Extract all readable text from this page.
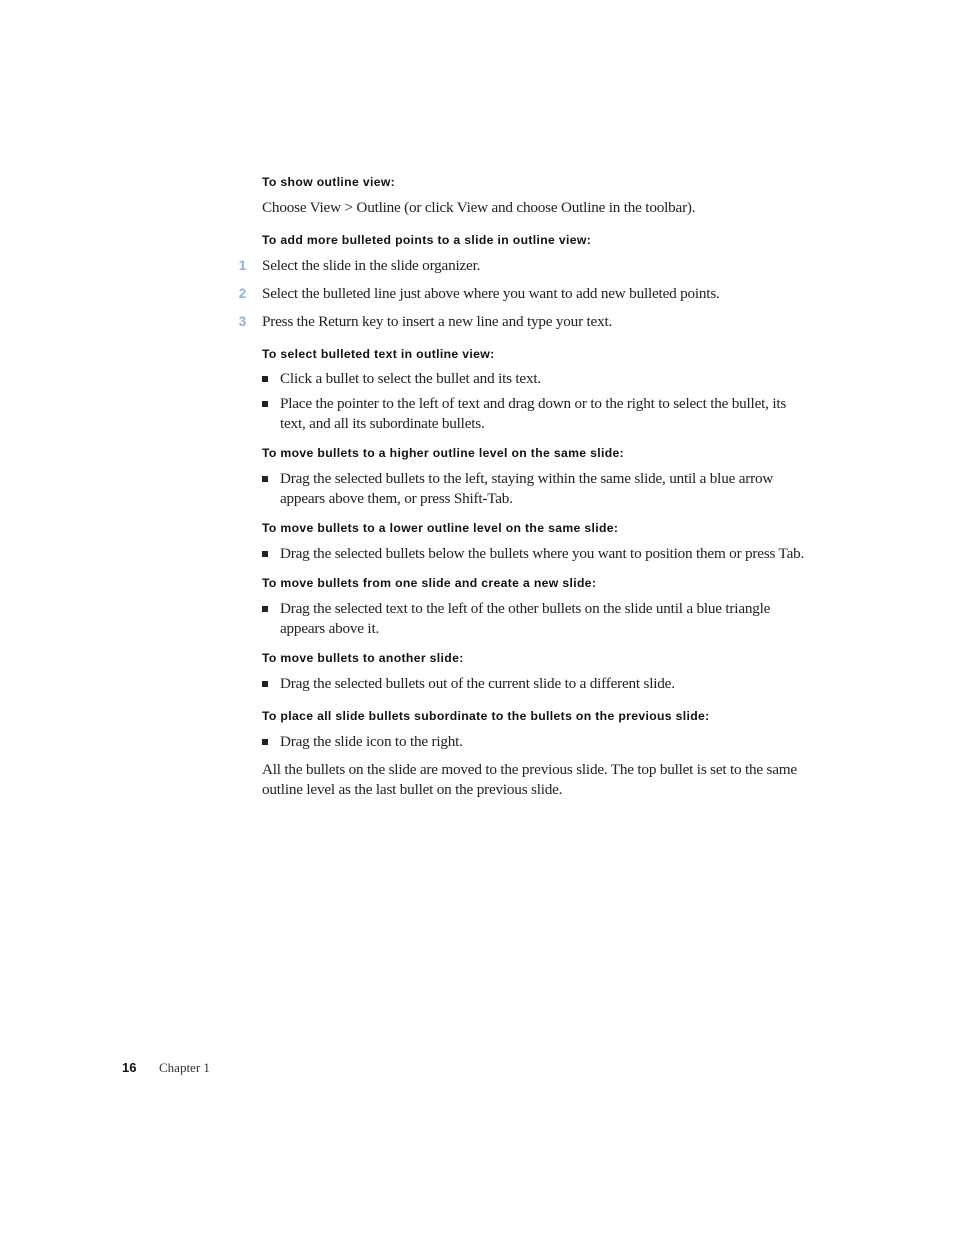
To show outline view:

Choose View > Outline (or click View and choose Outline in the toolbar).

To add more bulleted points to a slide in outline view:

1 Select the slide in the slide organizer.
2 Select the bulleted line just above where you want to add new bulleted points.
3 Press the Return key to insert a new line and type your text.

To select bulleted text in outline view:

Click a bullet to select the bullet and its text.
Place the pointer to the left of text and drag down or to the right to select the bullet, its text, and all its subordinate bullets.

To move bullets to a higher outline level on the same slide:

Drag the selected bullets to the left, staying within the same slide, until a blue arrow appears above them, or press Shift-Tab.

To move bullets to a lower outline level on the same slide:

Drag the selected bullets below the bullets where you want to position them or press Tab.

To move bullets from one slide and create a new slide:

Drag the selected text to the left of the other bullets on the slide until a blue triangle appears above it.

To move bullets to another slide:

Drag the selected bullets out of the current slide to a different slide.

To place all slide bullets subordinate to the bullets on the previous slide:

Drag the slide icon to the right.

All the bullets on the slide are moved to the previous slide. The top bullet is set to the same outline level as the last bullet on the previous slide.

16 Chapter 1
